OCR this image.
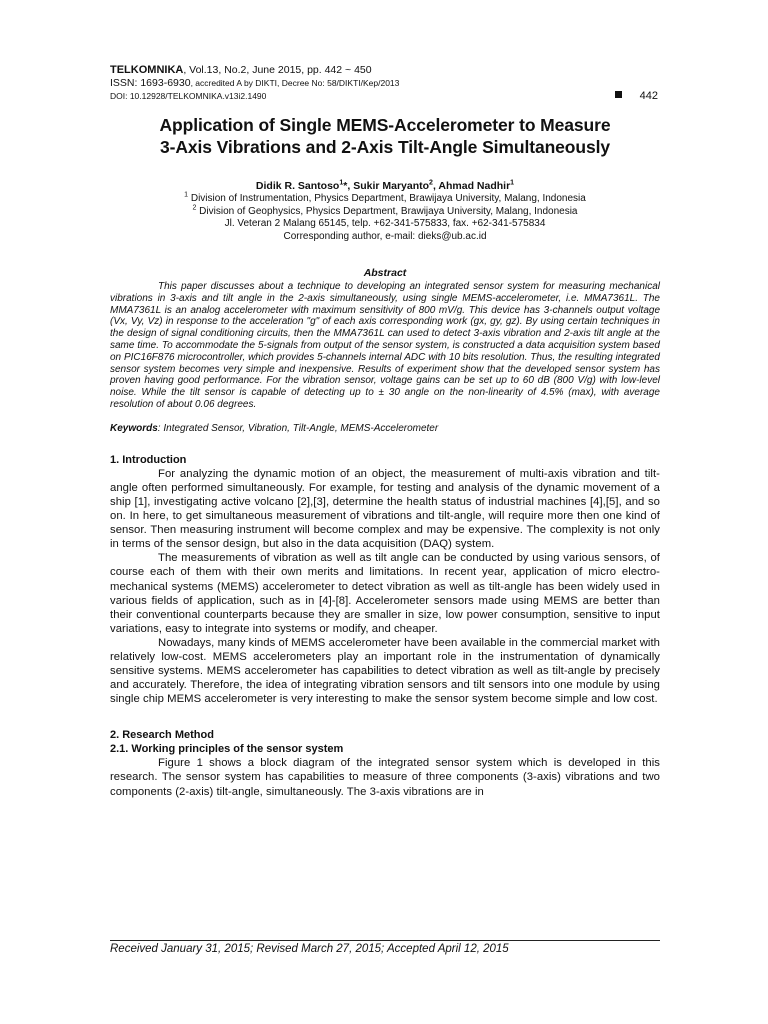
TELKOMNIKA, Vol.13, No.2, June 2015, pp. 442 ~ 450
ISSN: 1693-6930, accredited A by DIKTI, Decree No: 58/DIKTI/Kep/2013
DOI: 10.12928/TELKOMNIKA.v13i2.1490	442
Application of Single MEMS-Accelerometer to Measure
3-Axis Vibrations and 2-Axis Tilt-Angle Simultaneously
Didik R. Santoso$^1$*, Sukir Maryanto$^2$, Ahmad Nadhir$^1$
$^1$ Division of Instrumentation, Physics Department, Brawijaya University, Malang, Indonesia
$^2$ Division of Geophysics, Physics Department, Brawijaya University, Malang, Indonesia
Jl. Veteran 2 Malang 65145, telp. +62-341-575833, fax. +62-341-575834
Corresponding author, e-mail: dieks@ub.ac.id
Abstract

This paper discusses about a technique to developing an integrated sensor system for measuring mechanical vibrations in 3-axis and tilt angle in the 2-axis simultaneously, using single MEMS-accelerometer, i.e. MMA7361L. The MMA7361L is an analog accelerometer with maximum sensitivity of 800 mV/g. This device has 3-channels output voltage (Vx, Vy, Vz) in response to the acceleration "g" of each axis corresponding work (gx, gy, gz). By using certain techniques in the design of signal conditioning circuits, then the MMA7361L can used to detect 3-axis vibration and 2-axis tilt angle at the same time. To accommodate the 5-signals from output of the sensor system, is constructed a data acquisition system based on PIC16F876 microcontroller, which provides 5-channels internal ADC with 10 bits resolution. Thus, the resulting integrated sensor system becomes very simple and inexpensive. Results of experiment show that the developed sensor system has proven having good performance. For the vibration sensor, voltage gains can be set up to 60 dB (800 V/g) with low-level noise. While the tilt sensor is capable of detecting up to ± 30 angle on the non-linearity of 4.5% (max), with average resolution of about 0.06 degrees.

Keywords: Integrated Sensor, Vibration, Tilt-Angle, MEMS-Accelerometer
1. Introduction

For analyzing the dynamic motion of an object, the measurement of multi-axis vibration and tilt-angle often performed simultaneously. For example, for testing and analysis of the dynamic movement of a ship [1], investigating active volcano [2],[3], determine the health status of industrial machines [4],[5], and so on. In here, to get simultaneous measurement of vibrations and tilt-angle, will require more then one kind of sensor. Then measuring instrument will become complex and may be expensive. The complexity is not only in terms of the sensor design, but also in the data acquisition (DAQ) system.

The measurements of vibration as well as tilt angle can be conducted by using various sensors, of course each of them with their own merits and limitations. In recent year, application of micro electro-mechanical systems (MEMS) accelerometer to detect vibration as well as tilt-angle has been widely used in various fields of application, such as in [4]-[8]. Accelerometer sensors made using MEMS are better than their conventional counterparts because they are smaller in size, low power consumption, sensitive to input variations, easy to integrate into systems or modify, and cheaper.

Nowadays, many kinds of MEMS accelerometer have been available in the commercial market with relatively low-cost. MEMS accelerometers play an important role in the instrumentation of dynamically sensitive systems. MEMS accelerometer has capabilities to detect vibration as well as tilt-angle by precisely and accurately. Therefore, the idea of integrating vibration sensors and tilt sensors into one module by using single chip MEMS accelerometer is very interesting to make the sensor system become simple and low cost.

2. Research Method
2.1. Working principles of the sensor system

Figure 1 shows a block diagram of the integrated sensor system which is developed in this research. The sensor system has capabilities to measure of three components (3-axis) vibrations and two components (2-axis) tilt-angle, simultaneously. The 3-axis vibrations are in

Received January 31, 2015; Revised March 27, 2015; Accepted April 12, 2015
